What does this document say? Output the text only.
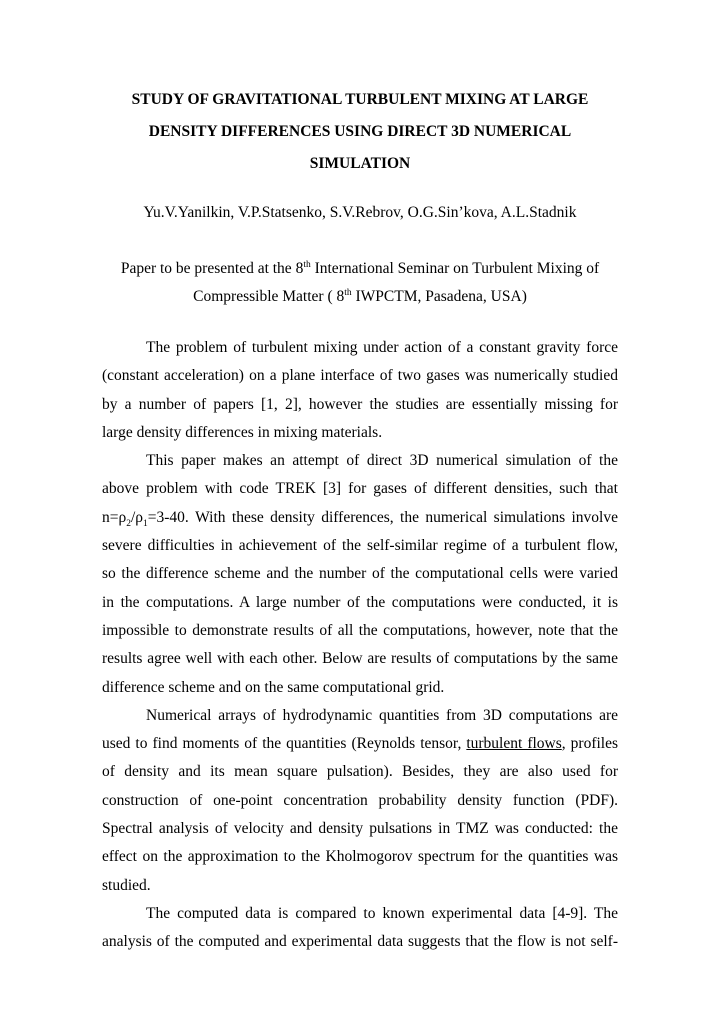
STUDY OF GRAVITATIONAL TURBULENT MIXING AT LARGE
DENSITY DIFFERENCES USING DIRECT 3D NUMERICAL
SIMULATION
Yu.V.Yanilkin, V.P.Statsenko, S.V.Rebrov, O.G.Sin’kova, A.L.Stadnik
Paper to be presented at the 8th International Seminar on Turbulent Mixing of
Compressible Matter ( 8th IWPCTM, Pasadena, USA)
The problem of turbulent mixing under action of a constant gravity force
(constant acceleration) on a plane interface of two gases was numerically studied
by a number of papers [1, 2], however the studies are essentially missing for
large density differences in mixing materials.
This paper makes an attempt of direct 3D numerical simulation of the
above problem with code TREK [3] for gases of different densities, such that
$n=\rho_2/\rho_1=3-40$. With these density differences, the numerical simulations involve
severe difficulties in achievement of the self-similar regime of a turbulent flow,
so the difference scheme and the number of the computational cells were varied
in the computations. A large number of the computations were conducted, it is
impossible to demonstrate results of all the computations, however, note that the
results agree well with each other. Below are results of computations by the same
difference scheme and on the same computational grid.
Numerical arrays of hydrodynamic quantities from 3D computations are
used to find moments of the quantities (Reynolds tensor, turbulent flows, profiles
of density and its mean square pulsation). Besides, they are also used for
construction of one-point concentration probability density function (PDF).
Spectral analysis of velocity and density pulsations in TMZ was conducted: the
effect on the approximation to the Kholmogorov spectrum for the quantities was
studied.
The computed data is compared to known experimental data [4-9]. The
analysis of the computed and experimental data suggests that the flow is not self-
